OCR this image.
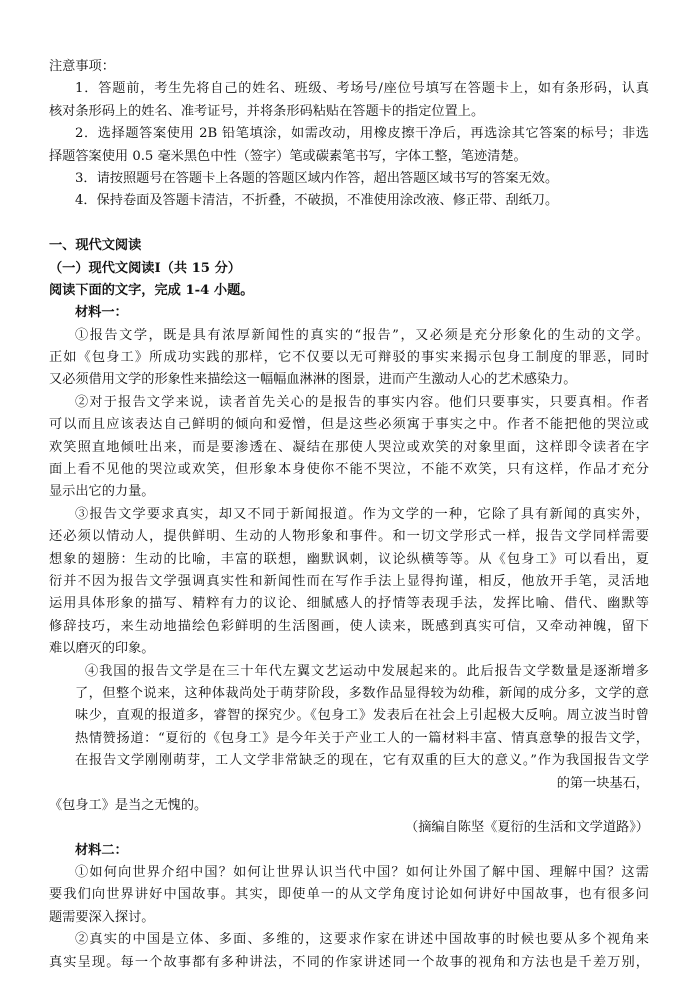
注意事项：
1．答题前，考生先将自己的姓名、班级、考场号/座位号填写在答题卡上，如有条形码，认真
核对条形码上的姓名、准考证号，并将条形码粘贴在答题卡的指定位置上。
2．选择题答案使用 2B 铅笔填涂，如需改动，用橡皮擦干净后，再选涂其它答案的标号；非选
择题答案使用 0.5 毫米黑色中性（签字）笔或碳素笔书写，字体工整，笔迹清楚。
3．请按照题号在答题卡上各题的答题区域内作答，超出答题区域书写的答案无效。
4．保持卷面及答题卡清洁，不折叠，不破损，不准使用涂改液、修正带、刮纸刀。
一、现代文阅读
（一）现代文阅读Ⅰ（共 15 分）
阅读下面的文字，完成 1-4 小题。
材料一：
①报告文学，既是具有浓厚新闻性的真实的“报告”，又必须是充分形象化的生动的文学。
正如《包身工》所成功实践的那样，它不仅要以无可辩驳的事实来揭示包身工制度的罪恶，同时
又必须借用文学的形象性来描绘这一幅幅血淋淋的图景，进而产生激动人心的艺术感染力。
②对于报告文学来说，读者首先关心的是报告的事实内容。他们只要事实，只要真相。作者
可以而且应该表达自己鲜明的倾向和爱憎，但是这些必须寓于事实之中。作者不能把他的哭泣或
欢笑照直地倾吐出来，而是要渗透在、凝结在那使人哭泣或欢笑的对象里面，这样即令读者在字
面上看不见他的哭泣或欢笑，但形象本身使你不能不哭泣，不能不欢笑，只有这样，作品才充分
显示出它的力量。
③报告文学要求真实，却又不同于新闻报道。作为文学的一种，它除了具有新闻的真实外，
还必须以情动人，提供鲜明、生动的人物形象和事件。和一切文学形式一样，报告文学同样需要
想象的翅膀：生动的比喻，丰富的联想，幽默讽刺，议论纵横等等。从《包身工》可以看出，夏
衍并不因为报告文学强调真实性和新闻性而在写作手法上显得拘谨，相反，他放开手笔，灵活地
运用具体形象的描写、精粹有力的议论、细腻感人的抒情等表现手法，发挥比喻、借代、幽默等
修辞技巧，来生动地描绘色彩鲜明的生活图画，使人读来，既感到真实可信，又牵动神魄，留下
难以磨灭的印象。
④我国的报告文学是在三十年代左翼文艺运动中发展起来的。此后报告文学数量是逐渐增多
了，但整个说来，这种体裁尚处于萌芽阶段，多数作品显得较为幼稚，新闻的成分多，文学的意
味少，直观的报道多，睿智的探究少。《包身工》发表后在社会上引起极大反响。周立波当时曾
热情赞扬道：“夏衍的《包身工》是今年关于产业工人的一篇材料丰富、情真意挚的报告文学，
在报告文学刚刚萌芽，工人文学非常缺乏的现在，它有双重的巨大的意义。”作为我国报告文学
的第一块基石，
《包身工》是当之无愧的。
（摘编自陈坚《夏衍的生活和文学道路》）
材料二：
①如何向世界介绍中国？如何让世界认识当代中国？如何让外国了解中国、理解中国？这需
要我们向世界讲好中国故事。其实，即使单一的从文学角度讨论如何讲好中国故事，也有很多问
题需要深入探讨。
②真实的中国是立体、多面、多维的，这要求作家在讲述中国故事的时候也要从多个视角来
真实呈现。每一个故事都有多种讲法，不同的作家讲述同一个故事的视角和方法也是千差万别，
